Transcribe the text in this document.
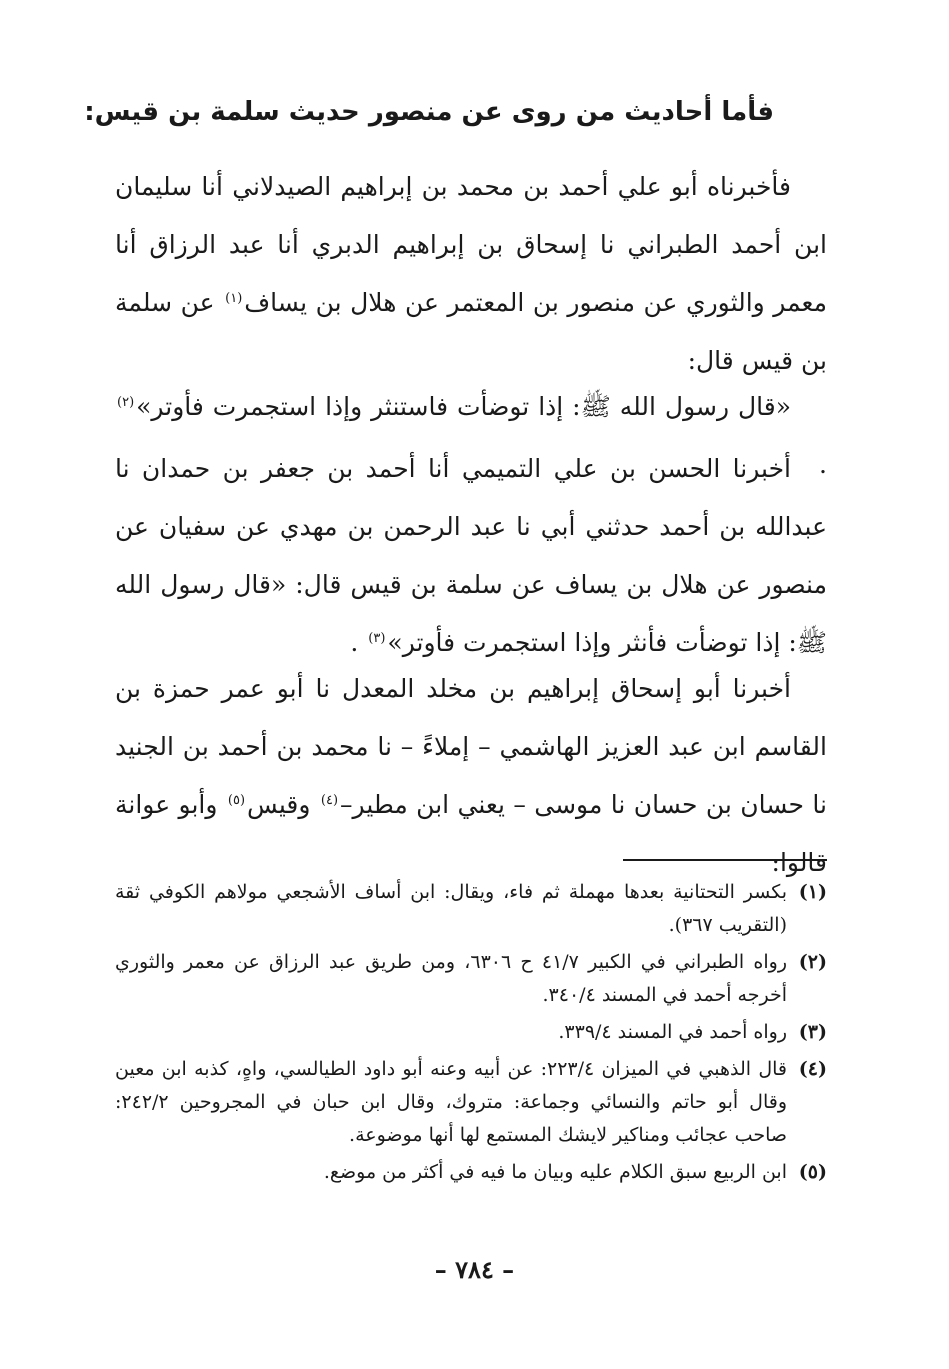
فأما أحاديث من روى عن منصور حديث سلمة بن قيس:

فأخبرناه أبو علي أحمد بن محمد بن إبراهيم الصيدلاني أنا سليمان ابن أحمد الطبراني نا إسحاق بن إبراهيم الدبري أنا عبد الرزاق أنا معمر والثوري عن منصور بن المعتمر عن هلال بن يساف$^{(١)}$ عن سلمة بن قيس قال:

«قال رسول الله ﷺ: إذا توضأت فاستنثر وإذا استجمرت فأوتر»$^{(٢)}$ .

أخبرنا الحسن بن علي التميمي أنا أحمد بن جعفر بن حمدان نا عبدالله بن أحمد حدثني أبي نا عبد الرحمن بن مهدي عن سفيان عن منصور عن هلال بن يساف عن سلمة بن قيس قال: «قال رسول الله ﷺ: إذا توضأت فأنثر وإذا استجمرت فأوتر»$^{(٣)}$ .

أخبرنا أبو إسحاق إبراهيم بن مخلد المعدل نا أبو عمر حمزة بن القاسم ابن عبد العزيز الهاشمي – إملاءً – نا محمد بن أحمد بن الجنيد نا حسان بن حسان نا موسى – يعني ابن مطير–$^{(٤)}$ وقيس$^{(٥)}$ وأبو عوانة قالوا:

(١)
بكسر التحتانية بعدها مهملة ثم فاء، ويقال: ابن أساف الأشجعي مولاهم الكوفي ثقة (التقريب ٣٦٧).
(٢)
رواه الطبراني في الكبير ٤١/٧ ح ٦٣٠٦، ومن طريق عبد الرزاق عن معمر والثوري أخرجه أحمد في المسند ٣٤٠/٤.
(٣)
رواه أحمد في المسند ٣٣٩/٤.
(٤)
قال الذهبي في الميزان ٢٢٣/٤: عن أبيه وعنه أبو داود الطيالسي، واهٍ، كذبه ابن معين وقال أبو حاتم والنسائي وجماعة: متروك، وقال ابن حبان في المجروحين ٢٤٢/٢: صاحب عجائب ومناكير لايشك المستمع لها أنها موضوعة.
(٥)
ابن الربيع سبق الكلام عليه وبيان ما فيه في أكثر من موضع.
– ٧٨٤ –
